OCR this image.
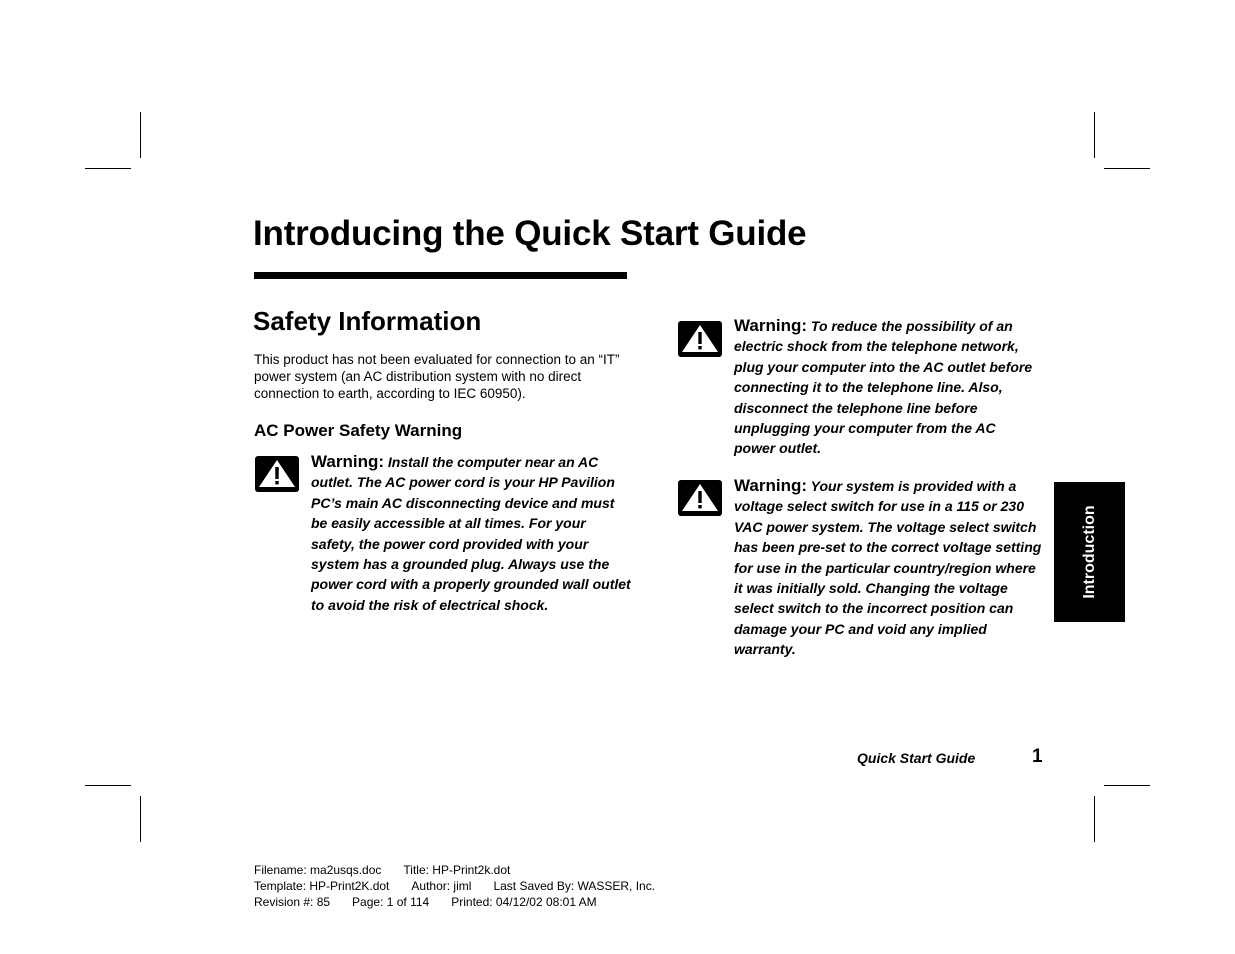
Introducing the Quick Start Guide
Safety Information

This product has not been evaluated for connection to an “IT” power system (an AC distribution system with no direct connection to earth, according to IEC 60950).

AC Power Safety Warning

Warning: Install the computer near an AC outlet. The AC power cord is your HP Pavilion PC’s main AC disconnecting device and must be easily accessible at all times. For your safety, the power cord provided with your system has a grounded plug. Always use the power cord with a properly grounded wall outlet to avoid the risk of electrical shock.

Warning: To reduce the possibility of an electric shock from the telephone network, plug your computer into the AC outlet before connecting it to the telephone line. Also, disconnect the telephone line before unplugging your computer from the AC power outlet.

Warning: Your system is provided with a voltage select switch for use in a 115 or 230 VAC power system. The voltage select switch has been pre-set to the correct voltage setting for use in the particular country/region where it was initially sold. Changing the voltage select switch to the incorrect position can damage your PC and void any implied warranty.

Introduction
Quick Start Guide	1
Filename: ma2usqs.doc Title: HP-Print2k.dot
Template: HP-Print2K.dot Author: jiml Last Saved By: WASSER, Inc.
Revision #: 85 Page: 1 of 114 Printed: 04/12/02 08:01 AM
